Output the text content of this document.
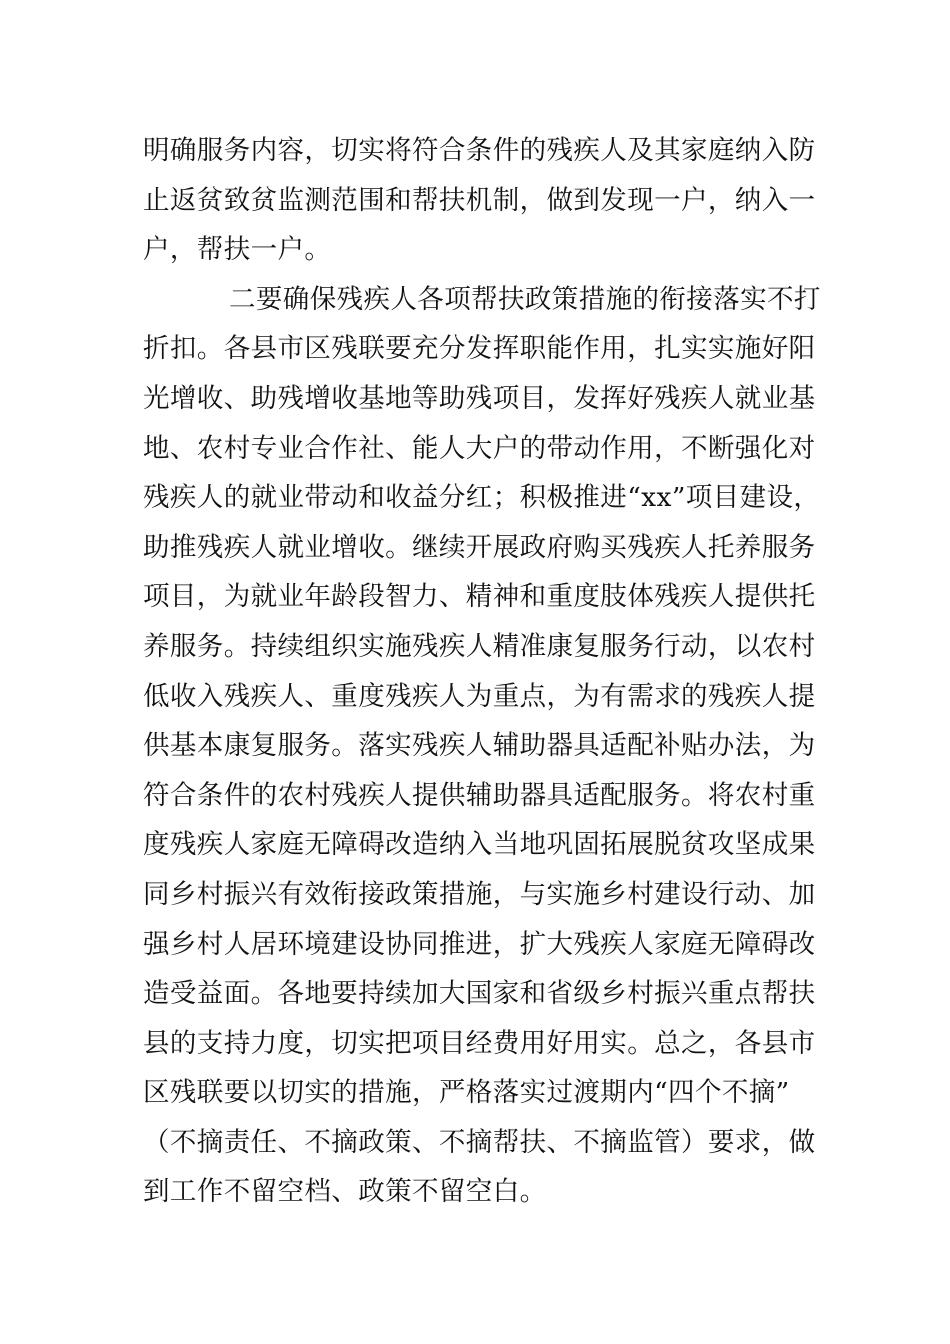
明确服务内容，切实将符合条件的残疾人及其家庭纳入防
止返贫致贫监测范围和帮扶机制，做到发现一户，纳入一
户，帮扶一户。
二要确保残疾人各项帮扶政策措施的衔接落实不打
折扣。各县市区残联要充分发挥职能作用，扎实实施好阳
光增收、助残增收基地等助残项目，发挥好残疾人就业基
地、农村专业合作社、能人大户的带动作用，不断强化对
残疾人的就业带动和收益分红；积极推进“xx”项目建设，
助推残疾人就业增收。继续开展政府购买残疾人托养服务
项目，为就业年龄段智力、精神和重度肢体残疾人提供托
养服务。持续组织实施残疾人精准康复服务行动，以农村
低收入残疾人、重度残疾人为重点，为有需求的残疾人提
供基本康复服务。落实残疾人辅助器具适配补贴办法，为
符合条件的农村残疾人提供辅助器具适配服务。将农村重
度残疾人家庭无障碍改造纳入当地巩固拓展脱贫攻坚成果
同乡村振兴有效衔接政策措施，与实施乡村建设行动、加
强乡村人居环境建设协同推进，扩大残疾人家庭无障碍改
造受益面。各地要持续加大国家和省级乡村振兴重点帮扶
县的支持力度，切实把项目经费用好用实。总之，各县市
区残联要以切实的措施，严格落实过渡期内“四个不摘”
（不摘责任、不摘政策、不摘帮扶、不摘监管）要求，做
到工作不留空档、政策不留空白。
